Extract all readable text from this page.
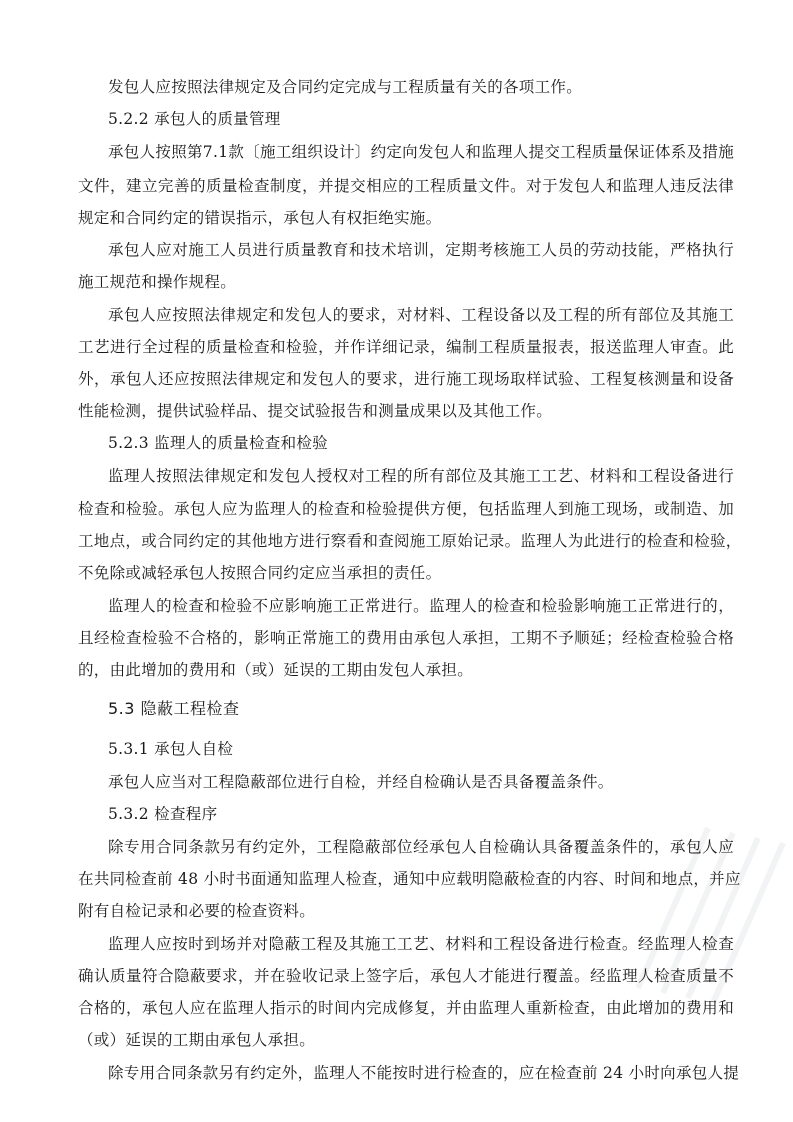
发包人应按照法律规定及合同约定完成与工程质量有关的各项工作。
5.2.2 承包人的质量管理
承包人按照第7.1款〔施工组织设计〕约定向发包人和监理人提交工程质量保证体系及措施
文件，建立完善的质量检查制度，并提交相应的工程质量文件。对于发包人和监理人违反法律
规定和合同约定的错误指示，承包人有权拒绝实施。
承包人应对施工人员进行质量教育和技术培训，定期考核施工人员的劳动技能，严格执行
施工规范和操作规程。
承包人应按照法律规定和发包人的要求，对材料、工程设备以及工程的所有部位及其施工
工艺进行全过程的质量检查和检验，并作详细记录，编制工程质量报表，报送监理人审查。此
外，承包人还应按照法律规定和发包人的要求，进行施工现场取样试验、工程复核测量和设备
性能检测，提供试验样品、提交试验报告和测量成果以及其他工作。
5.2.3 监理人的质量检查和检验
监理人按照法律规定和发包人授权对工程的所有部位及其施工工艺、材料和工程设备进行
检查和检验。承包人应为监理人的检查和检验提供方便，包括监理人到施工现场，或制造、加
工地点，或合同约定的其他地方进行察看和查阅施工原始记录。监理人为此进行的检查和检验，
不免除或减轻承包人按照合同约定应当承担的责任。
监理人的检查和检验不应影响施工正常进行。监理人的检查和检验影响施工正常进行的，
且经检查检验不合格的，影响正常施工的费用由承包人承担，工期不予顺延；经检查检验合格
的，由此增加的费用和（或）延误的工期由发包人承担。
5.3 隐蔽工程检查
5.3.1 承包人自检
承包人应当对工程隐蔽部位进行自检，并经自检确认是否具备覆盖条件。
5.3.2 检查程序
除专用合同条款另有约定外，工程隐蔽部位经承包人自检确认具备覆盖条件的，承包人应
在共同检查前 48 小时书面通知监理人检查，通知中应载明隐蔽检查的内容、时间和地点，并应
附有自检记录和必要的检查资料。
监理人应按时到场并对隐蔽工程及其施工工艺、材料和工程设备进行检查。经监理人检查
确认质量符合隐蔽要求，并在验收记录上签字后，承包人才能进行覆盖。经监理人检查质量不
合格的，承包人应在监理人指示的时间内完成修复，并由监理人重新检查，由此增加的费用和
（或）延误的工期由承包人承担。
除专用合同条款另有约定外，监理人不能按时进行检查的，应在检查前 24 小时向承包人提
